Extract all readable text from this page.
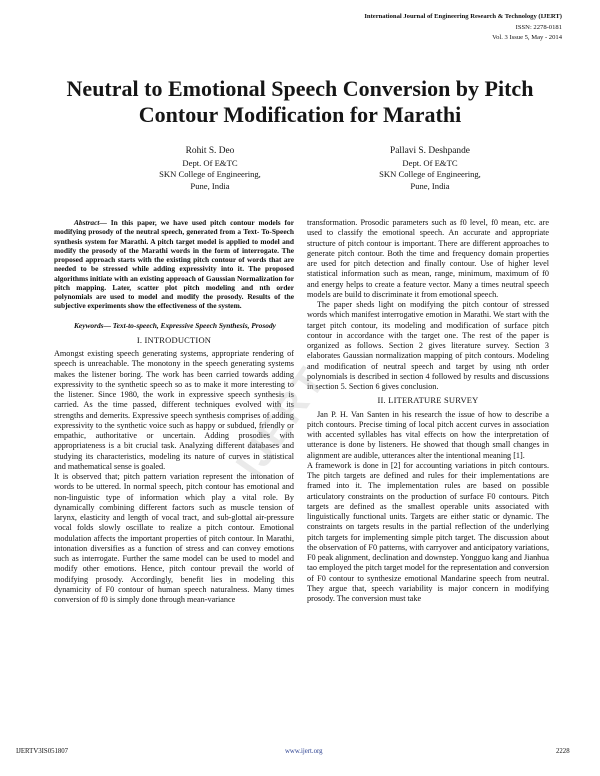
International Journal of Engineering Research & Technology (IJERT)
ISSN: 2278-0181
Vol. 3 Issue 5, May - 2014
Neutral to Emotional Speech Conversion by Pitch Contour Modification for Marathi
Rohit S. Deo
Dept. Of E&TC
SKN College of Engineering,
Pune, India
Pallavi S. Deshpande
Dept. Of E&TC
SKN College of Engineering,
Pune, India

Abstract— In this paper, we have used pitch contour models for modifying prosody of the neutral speech, generated from a Text- To-Speech synthesis system for Marathi. A pitch target model is applied to model and modify the prosody of the Marathi words in the form of interrogate. The proposed approach starts with the existing pitch contour of words that are needed to be stressed while adding expressivity into it. The proposed algorithms initiate with an existing approach of Gaussian Normalization for pitch mapping. Later, scatter plot pitch modeling and nth order polynomials are used to model and modify the prosody. Results of the subjective experiments show the effectiveness of the system.

Keywords— Text-to-speech, Expressive Speech Synthesis, Prosody

I. INTRODUCTION

Amongst existing speech generating systems, appropriate rendering of speech is unreachable. The monotony in the speech generating systems makes the listener boring. The work has been carried towards adding expressivity to the synthetic speech so as to make it more interesting to the listener. Since 1980, the work in expressive speech synthesis is carried. As the time passed, different techniques evolved with its strengths and demerits. Expressive speech synthesis comprises of adding expressivity to the synthetic voice such as happy or subdued, friendly or empathic, authoritative or uncertain. Adding prosodies with appropriateness is a bit crucial task. Analyzing different databases and studying its characteristics, modeling its nature of curves in statistical and mathematical sense is goaled.

It is observed that; pitch pattern variation represent the intonation of words to be uttered. In normal speech, pitch contour has emotional and non-linguistic type of information which play a vital role. By dynamically combining different factors such as muscle tension of larynx, elasticity and length of vocal tract, and sub-glottal air-pressure vocal folds slowly oscillate to realize a pitch contour. Emotional modulation affects the important properties of pitch contour. In Marathi, intonation diversifies as a function of stress and can convey emotions such as interrogate. Further the same model can be used to model and modify other emotions. Hence, pitch contour prevail the world of modifying prosody. Accordingly, benefit lies in modeling this dynamicity of F0 contour of human speech naturalness. Many times conversion of f0 is simply done through mean-variance

transformation. Prosodic parameters such as f0 level, f0 mean, etc. are used to classify the emotional speech. An accurate and appropriate structure of pitch contour is important. There are different approaches to generate pitch contour. Both the time and frequency domain properties are used for pitch detection and finally contour. Use of higher level statistical information such as mean, range, minimum, maximum of f0 and energy helps to create a feature vector. Many a times neutral speech models are build to discriminate it from emotional speech.

The paper sheds light on modifying the pitch contour of stressed words which manifest interrogative emotion in Marathi. We start with the target pitch contour, its modeling and modification of surface pitch contour in accordance with the target one. The rest of the paper is organized as follows. Section 2 gives literature survey. Section 3 elaborates Gaussian normalization mapping of pitch contours. Modeling and modification of neutral speech and target by using nth order polynomials is described in section 4 followed by results and discussions in section 5. Section 6 gives conclusion.

II. LITERATURE SURVEY

Jan P. H. Van Santen in his research the issue of how to describe a pitch contours. Precise timing of local pitch accent curves in association with accented syllables has vital effects on how the interpretation of utterance is done by listeners. He showed that though small changes in alignment are audible, utterances alter the intentional meaning [1].

A framework is done in [2] for accounting variations in pitch contours. The pitch targets are defined and rules for their implementations are framed into it. The implementation rules are based on possible articulatory constraints on the production of surface F0 contours. Pitch targets are defined as the smallest operable units associated with linguistically functional units. Targets are either static or dynamic. The constraints on targets results in the partial reflection of the underlying pitch targets for implementing simple pitch target. The discussion about the observation of F0 patterns, with carryover and anticipatory variations, F0 peak alignment, declination and downstep. Yongguo kang and Jianhua tao employed the pitch target model for the representation and conversion of F0 contour to synthesize emotional Mandarine speech from neutral. They argue that, speech variability is major concern in modifying prosody. The conversion must take

IJERT
IJERTV3IS051807	www.ijert.org	2228
